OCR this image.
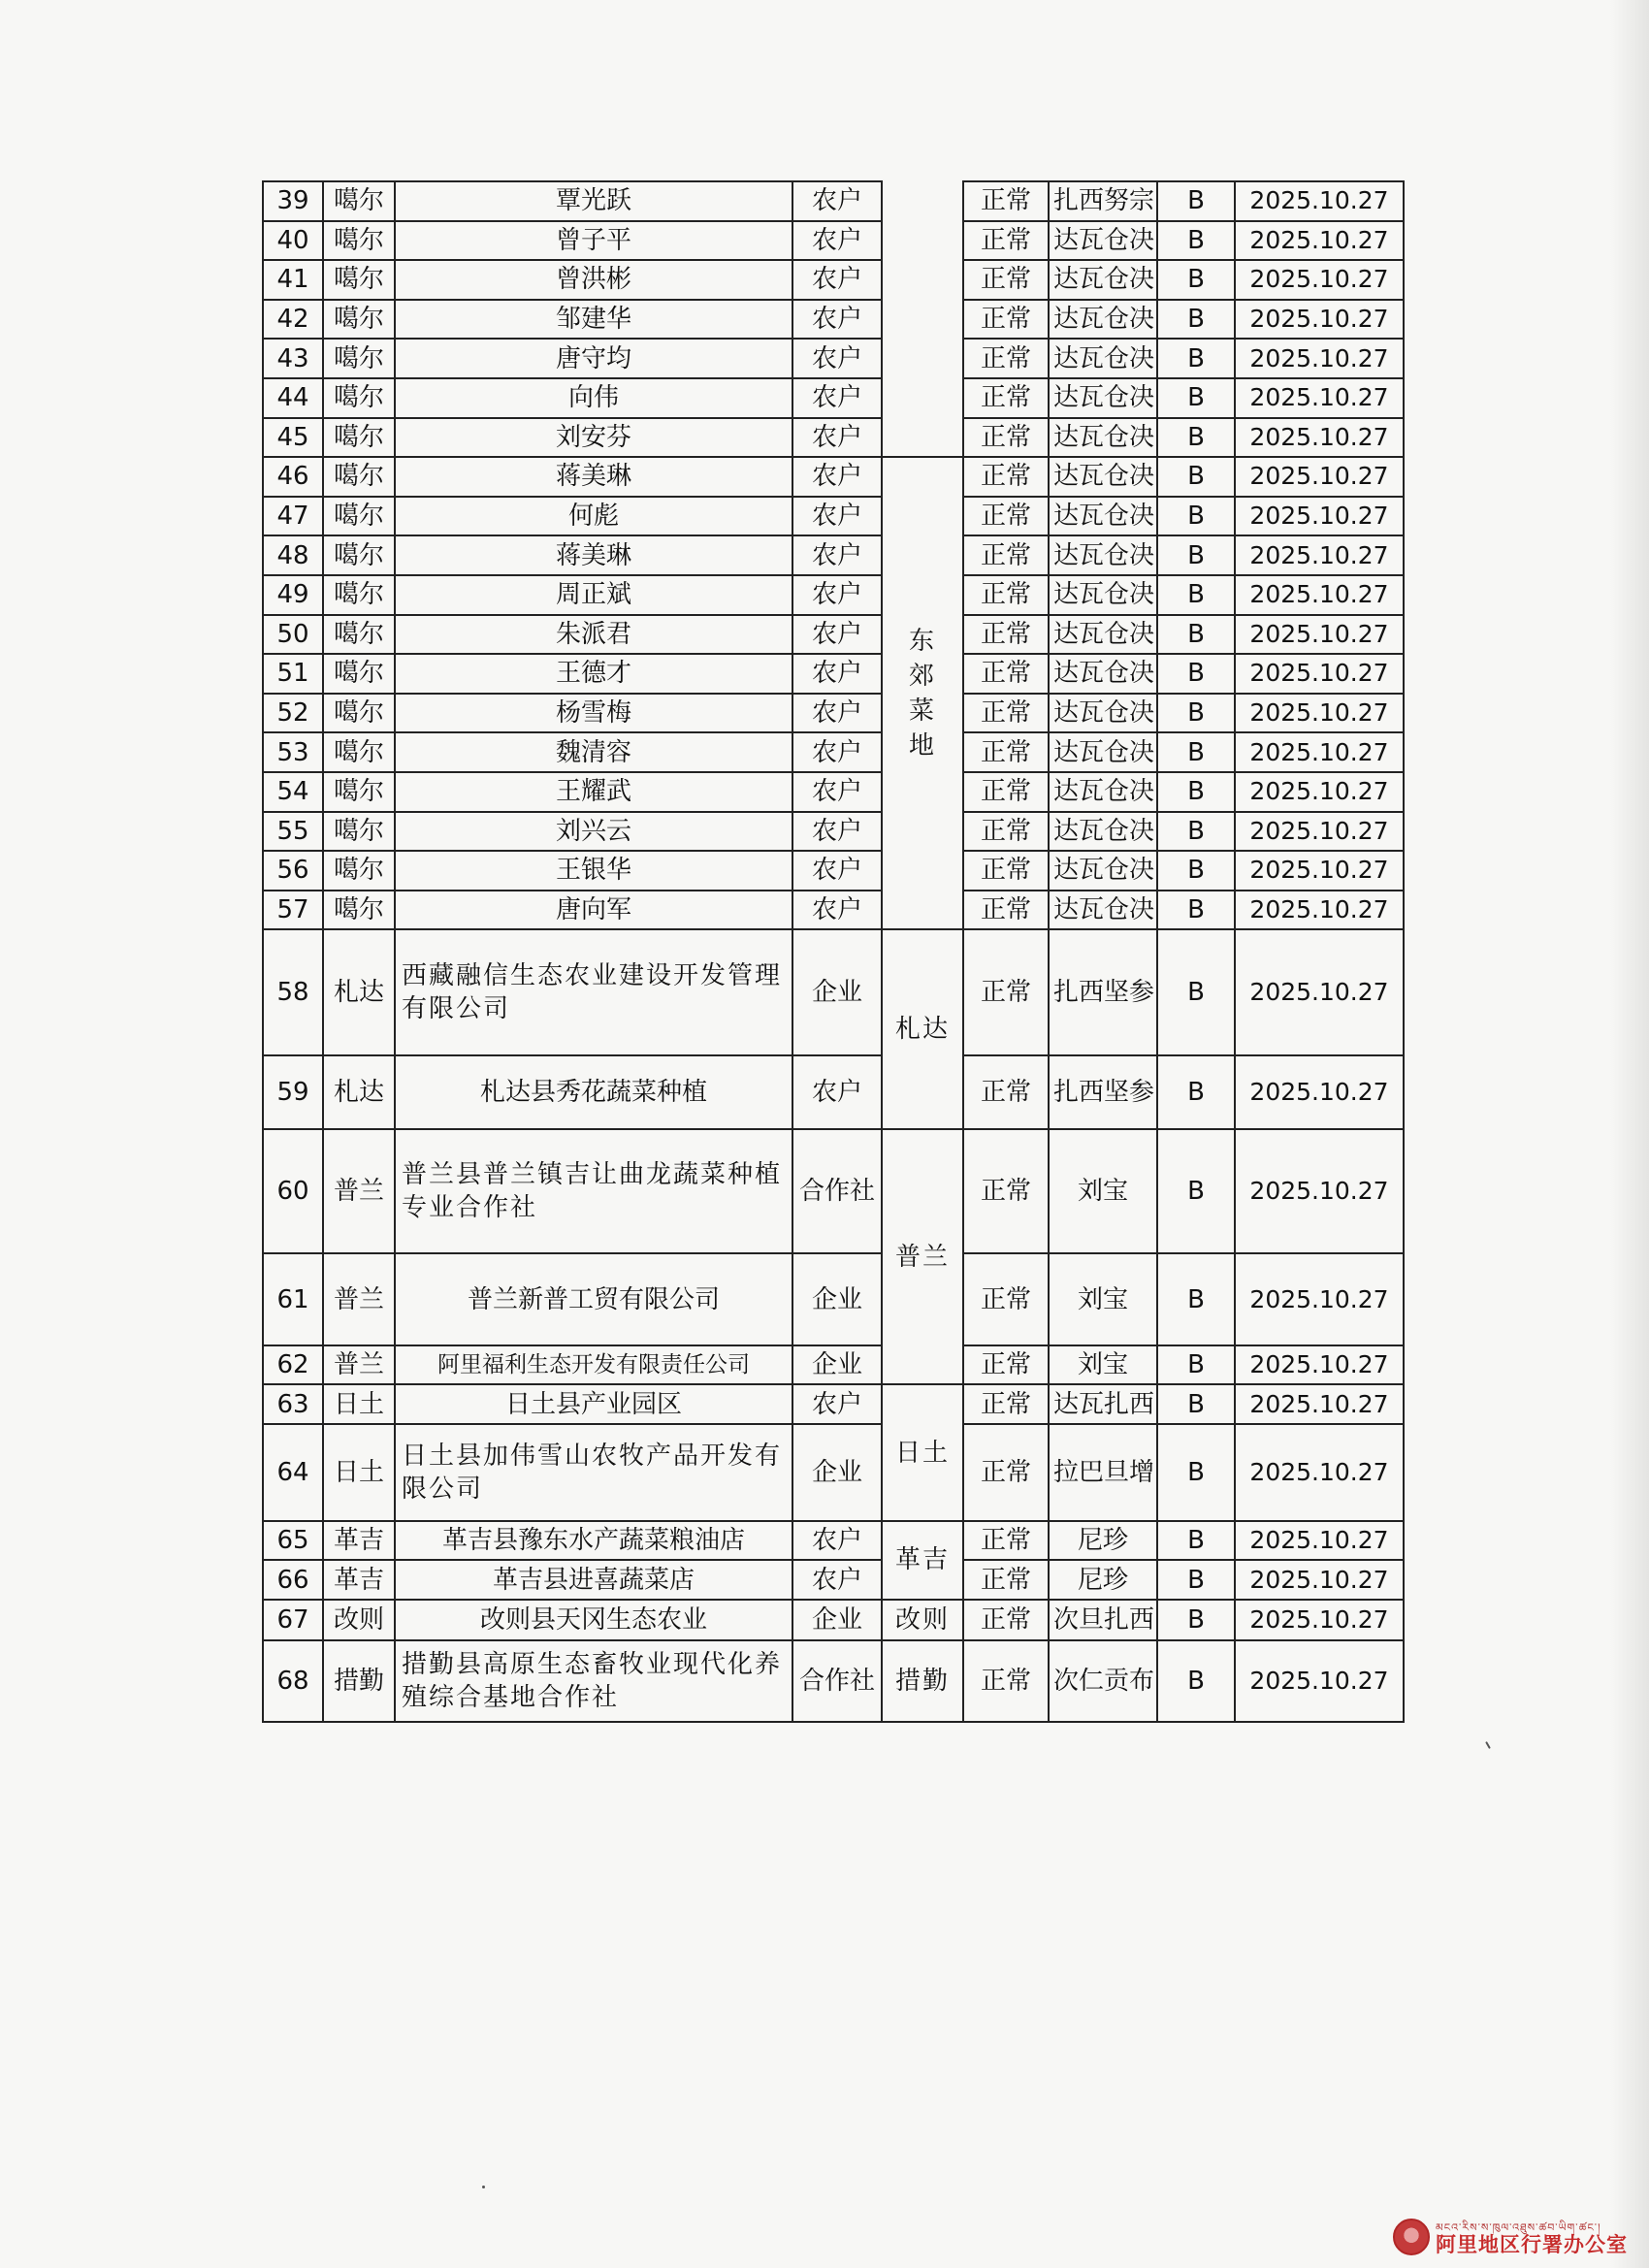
39	噶尔	覃光跃	农户		正常	扎西努宗	B	2025.10.27
40	噶尔	曾子平	农户		正常	达瓦仓决	B	2025.10.27
41	噶尔	曾洪彬	农户		正常	达瓦仓决	B	2025.10.27
42	噶尔	邹建华	农户		正常	达瓦仓决	B	2025.10.27
43	噶尔	唐守均	农户		正常	达瓦仓决	B	2025.10.27
44	噶尔	向伟	农户		正常	达瓦仓决	B	2025.10.27
45	噶尔	刘安芬	农户		正常	达瓦仓决	B	2025.10.27
46	噶尔	蒋美琳	农户	东郊菜地	正常	达瓦仓决	B	2025.10.27
47	噶尔	何彪	农户		正常	达瓦仓决	B	2025.10.27
48	噶尔	蒋美琳	农户		正常	达瓦仓决	B	2025.10.27
49	噶尔	周正斌	农户		正常	达瓦仓决	B	2025.10.27
50	噶尔	朱派君	农户		正常	达瓦仓决	B	2025.10.27
51	噶尔	王德才	农户		正常	达瓦仓决	B	2025.10.27
52	噶尔	杨雪梅	农户		正常	达瓦仓决	B	2025.10.27
53	噶尔	魏清容	农户		正常	达瓦仓决	B	2025.10.27
54	噶尔	王耀武	农户		正常	达瓦仓决	B	2025.10.27
55	噶尔	刘兴云	农户		正常	达瓦仓决	B	2025.10.27
56	噶尔	王银华	农户		正常	达瓦仓决	B	2025.10.27
57	噶尔	唐向军	农户		正常	达瓦仓决	B	2025.10.27
58	札达	西藏融信生态农业建设开发管理有限公司	企业	札达	正常	扎西坚参	B	2025.10.27
59	札达	札达县秀花蔬菜种植	农户		正常	扎西坚参	B	2025.10.27
60	普兰	普兰县普兰镇吉让曲龙蔬菜种植专业合作社	合作社	普兰	正常	刘宝	B	2025.10.27
61	普兰	普兰新普工贸有限公司	企业		正常	刘宝	B	2025.10.27
62	普兰	阿里福利生态开发有限责任公司	企业		正常	刘宝	B	2025.10.27
63	日土	日土县产业园区	农户	日土	正常	达瓦扎西	B	2025.10.27
64	日土	日土县加伟雪山农牧产品开发有限公司	企业		正常	拉巴旦增	B	2025.10.27
65	革吉	革吉县豫东水产蔬菜粮油店	农户	革吉	正常	尼珍	B	2025.10.27
66	革吉	革吉县进喜蔬菜店	农户		正常	尼珍	B	2025.10.27
67	改则	改则县天冈生态农业	企业	改则	正常	次旦扎西	B	2025.10.27
68	措勤	措勤县高原生态畜牧业现代化养殖综合基地合作社	合作社	措勤	正常	次仁贡布	B	2025.10.27
མངའ་རིས་ས་ཁུལ་འཐུས་ཚབ་ཡིག་ཚང་།
阿里地区行署办公室
